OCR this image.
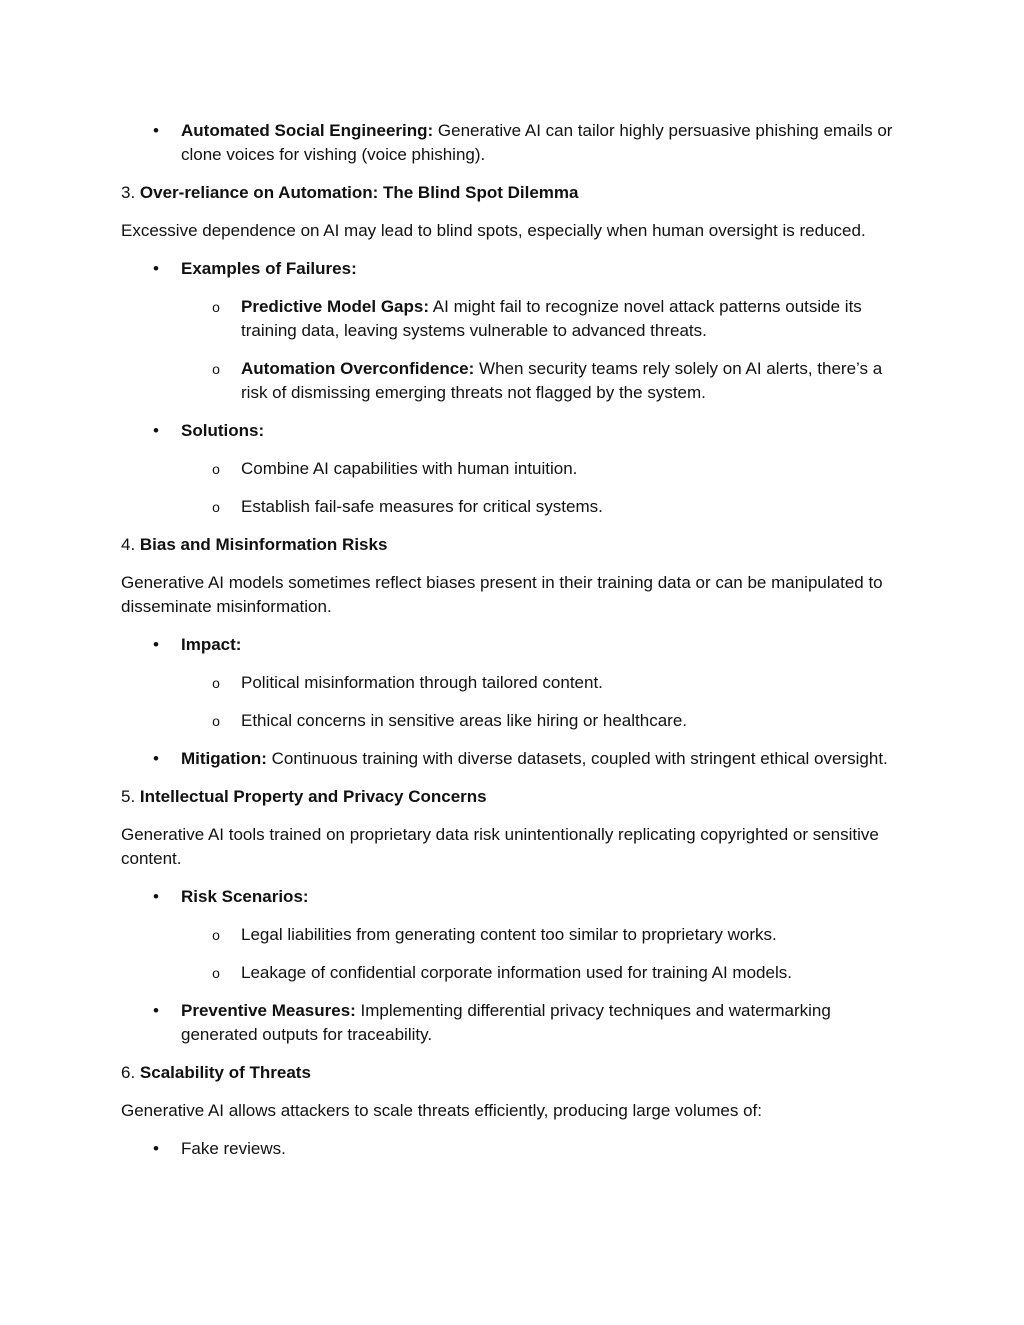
• Automated Social Engineering: Generative AI can tailor highly persuasive phishing emails or clone voices for vishing (voice phishing).
3. Over-reliance on Automation: The Blind Spot Dilemma
Excessive dependence on AI may lead to blind spots, especially when human oversight is reduced.
• Examples of Failures:
o Predictive Model Gaps: AI might fail to recognize novel attack patterns outside its training data, leaving systems vulnerable to advanced threats.
o Automation Overconfidence: When security teams rely solely on AI alerts, there’s a risk of dismissing emerging threats not flagged by the system.
• Solutions:
o Combine AI capabilities with human intuition.
o Establish fail-safe measures for critical systems.
4. Bias and Misinformation Risks
Generative AI models sometimes reflect biases present in their training data or can be manipulated to disseminate misinformation.
• Impact:
o Political misinformation through tailored content.
o Ethical concerns in sensitive areas like hiring or healthcare.
• Mitigation: Continuous training with diverse datasets, coupled with stringent ethical oversight.
5. Intellectual Property and Privacy Concerns
Generative AI tools trained on proprietary data risk unintentionally replicating copyrighted or sensitive content.
• Risk Scenarios:
o Legal liabilities from generating content too similar to proprietary works.
o Leakage of confidential corporate information used for training AI models.
• Preventive Measures: Implementing differential privacy techniques and watermarking generated outputs for traceability.
6. Scalability of Threats
Generative AI allows attackers to scale threats efficiently, producing large volumes of:
• Fake reviews.
